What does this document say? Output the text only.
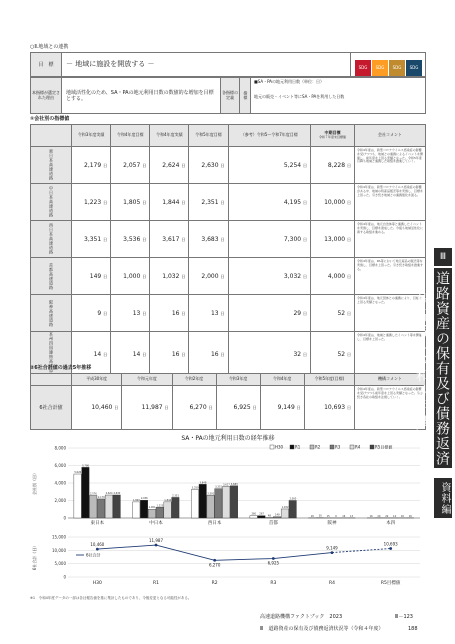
○Ⅱ.地域との連携
目　標	－ 地域に施設を開放する －	SDG SDG SDG SDG
本指標が選定された理由	地域活性化のため、SA・PAの地元利用日数の数値的な増加を目標とする。	各指標の定義	指標

■SA・PAの地元利用日数（単位：日）
地元の販売・イベント等にSA・PAを利用した日数
①会社別の指標値
	令和3年度実績	令和4年度目標	令和4年度実績	令和5年度目標	（参考）令和5～令和7年度目標	中期目標
令和７年度末目標値	会社コメント

東日本高速道路	2,179 日	2,057 日	2,624 日	2,630 日	5,254 日	8,228 日	令和4年度は、新型コロナウイルス感染症の影響を受けつつも、地域との連携によるイベントを開催し、前年度を上回る実績となった。令和5年度以降も地域と連携した取組を推進していく。

中日本高速道路	1,223 日	1,805 日	1,844 日	2,351 日	4,195 日	10,000 日	令和4年度は、新型コロナウイルス感染症の影響がある中、地域の特産品販売等を実施し、目標を上回った。引き続き地域との連携強化を図る。

西日本高速道路	3,351 日	3,536 日	3,617 日	3,683 日	7,300 日	13,000 日	令和4年度は、地元自治体等と連携したイベントを実施し、目標を達成した。今後も地域活性化に資する取組を進める。

首都高速道路	149 日	1,000 日	1,032 日	2,000 日	3,032 日	4,000 日	令和4年度は、PA等において地元産品の販売等を実施し、目標を上回った。引き続き取組を推進する。

阪神高速道路	9 日	13 日	16 日	13 日	29 日	52 日	令和4年度は、地元団体との連携により、目標を上回る実績となった。

本州四国連絡高速道路	14 日	14 日	16 日	16 日	32 日	52 日	令和4年度は、地域と連携したイベント等を開催し、目標を上回った。
②6社合計値の過去5年推移
	平成30年度	令和元年度	令和2年度	令和3年度	令和4年度	令和5年度(目標)	機構コメント
6社合計値	10,460 日	11,987 日	6,270 日	6,925 日	9,149 日	10,693 日	令和4年度は、新型コロナウイルス感染症の影響を受けつつも前年度を上回る実績となった。引き続き各社の取組を注視していく。
SA・PAの地元利用日数の経年推移
0
2,000
4,000
6,000
8,000
会社別（日）
東日本
5,026
5,786
2,576
2,179
2,624 2,630
中日本
1,840
2,036
1,001
1,223
1,844
2,351
西日本
3,250
3,848
2,591
3,351
3,617 3,683
首都
260 267
48 149
1,032
2,000
阪神
20 30 15 9 16 13
本四
16 20 20 14 16 16
H30	R1	R2	R3	R4	R5目標値
0
5,000
10,000
15,000
6社合計（日）	10,460
11,987
6,270	6,925
9,149
10,693
H30	R1	R2	R3	R4	R5目標値
6社合計
※1　令和4年度データの一部は各社報告値を基に集計したものであり、今後変更となる可能性がある。
Ⅲ
道路資産の保有及び債務返済状況等（令和４年度）
資料編
高速道路機構ファクトブック　2023	Ⅲ－123
Ⅲ　道路資産の保有及び債務返済状況等（令和４年度）	188
